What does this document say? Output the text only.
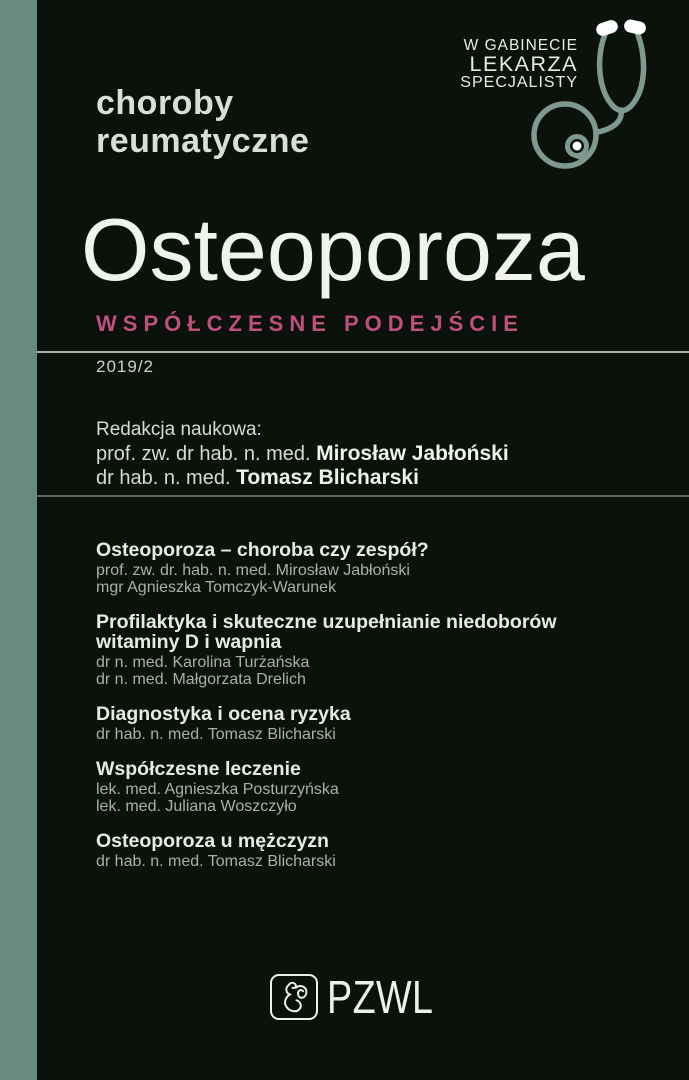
choroby
reumatyczne
W GABINECIE
LEKARZA
SPECJALISTY
Osteoporoza
WSPÓŁCZESNE PODEJŚCIE
2019/2
Redakcja naukowa:
prof. zw. dr hab. n. med. Mirosław Jabłoński
dr hab. n. med. Tomasz Blicharski
Osteoporoza – choroba czy zespół?
prof. zw. dr. hab. n. med. Mirosław Jabłoński
mgr Agnieszka Tomczyk-Warunek
Profilaktyka i skuteczne uzupełnianie niedoborów
witaminy D i wapnia
dr n. med. Karolina Turżańska
dr n. med. Małgorzata Drelich
Diagnostyka i ocena ryzyka
dr hab. n. med. Tomasz Blicharski
Współczesne leczenie
lek. med. Agnieszka Posturzyńska
lek. med. Juliana Woszczyło
Osteoporoza u mężczyzn
dr hab. n. med. Tomasz Blicharski
PZWL
